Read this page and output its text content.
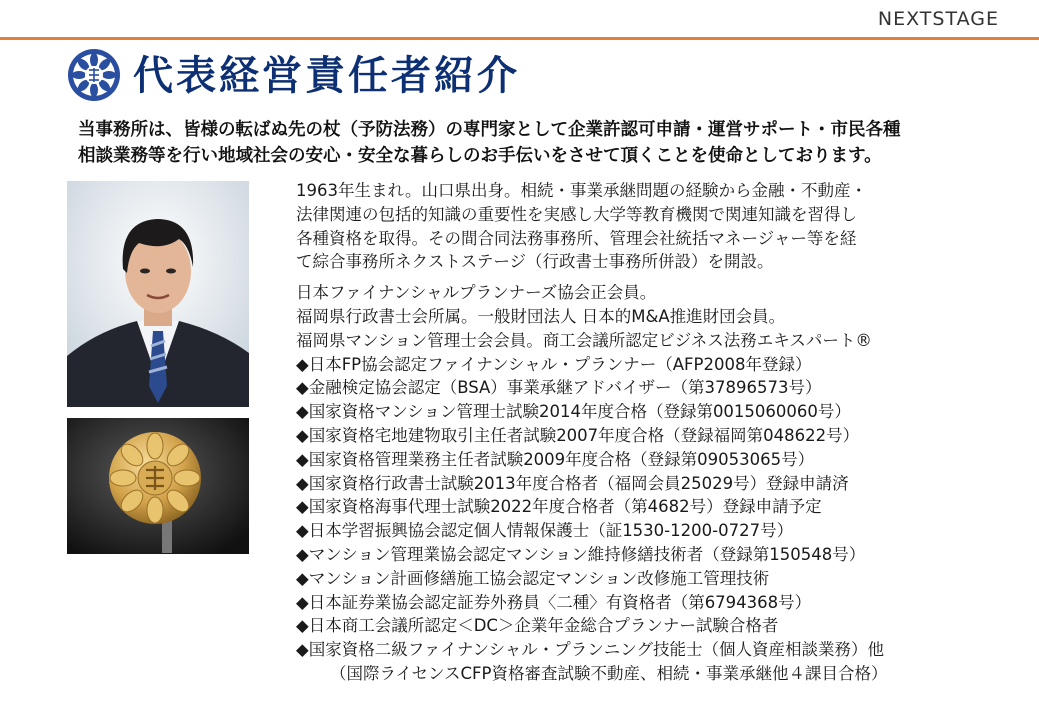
NEXTSTAGE
代表経営責任者紹介
当事務所は、皆様の転ばぬ先の杖（予防法務）の専門家として企業許認可申請・運営サポート・市民各種
相談業務等を行い地域社会の安心・安全な暮らしのお手伝いをさせて頂くことを使命としております。
1963年生まれ。山口県出身。相続・事業承継問題の経験から金融・不動産・
法律関連の包括的知識の重要性を実感し大学等教育機関で関連知識を習得し
各種資格を取得。その間合同法務事務所、管理会社統括マネージャー等を経
て綜合事務所ネクストステージ（行政書士事務所併設）を開設。
日本ファイナンシャルプランナーズ協会正会員。
福岡県行政書士会所属。一般財団法人 日本的M&A推進財団会員。
福岡県マンション管理士会会員。商工会議所認定ビジネス法務エキスパート®
◆日本FP協会認定ファイナンシャル・プランナー（AFP2008年登録）
◆金融検定協会認定（BSA）事業承継アドバイザー（第37896573号）
◆国家資格マンション管理士試験2014年度合格（登録第0015060060号）
◆国家資格宅地建物取引主任者試験2007年度合格（登録福岡第048622号）
◆国家資格管理業務主任者試験2009年度合格（登録第09053065号）
◆国家資格行政書士試験2013年度合格者（福岡会員25029号）登録申請済
◆国家資格海事代理士試験2022年度合格者（第4682号）登録申請予定
◆日本学習振興協会認定個人情報保護士（証1530-1200-0727号）
◆マンション管理業協会認定マンション維持修繕技術者（登録第150548号）
◆マンション計画修繕施工協会認定マンション改修施工管理技術
◆日本証券業協会認定証券外務員〈二種〉有資格者（第6794368号）
◆日本商工会議所認定＜DC＞企業年金総合プランナー試験合格者
◆国家資格二級ファイナンシャル・プランニング技能士（個人資産相談業務）他
（国際ライセンスCFP資格審査試験不動産、相続・事業承継他４課目合格）
